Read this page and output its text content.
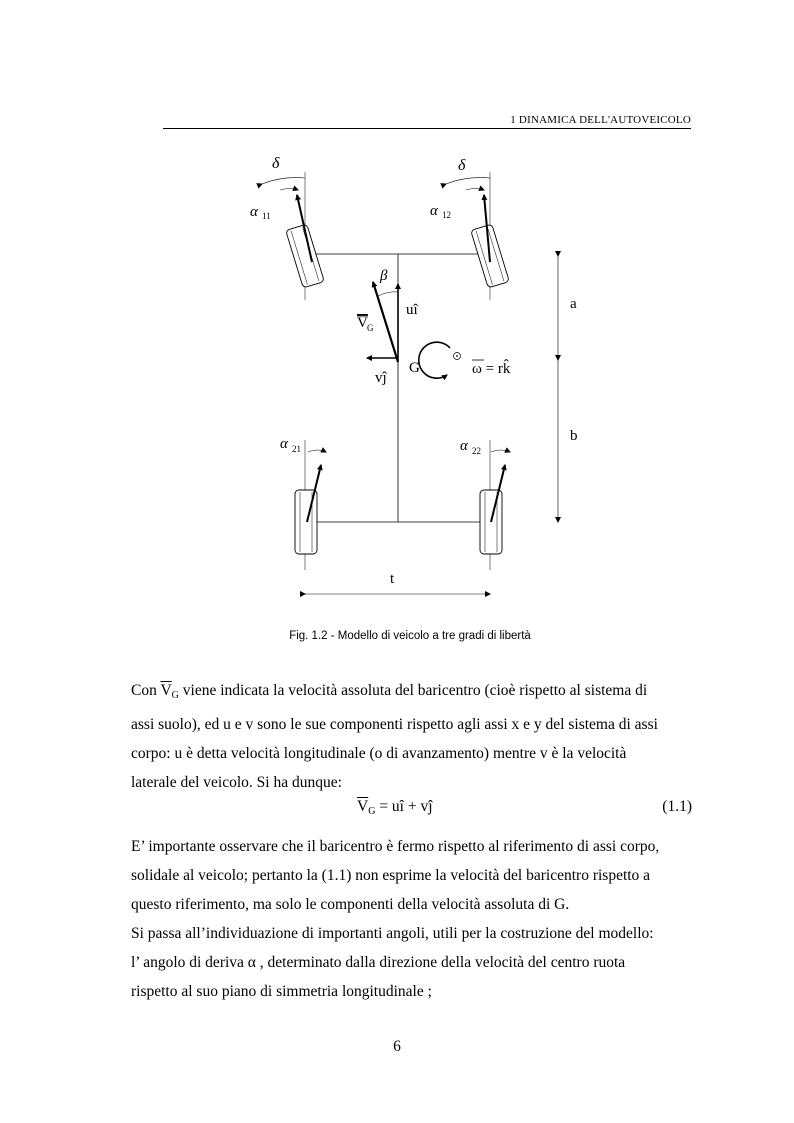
1 DINAMICA DELL'AUTOVEICOLO
δ	δ
α 11	α 12
α 21	α 22
β
uî
V G
vĵ
G	ω = rk̂
a
b
t
Fig. 1.2 - Modello di veicolo a tre gradi di libertà
Con $\overline{V}_G$ viene indicata la velocità assoluta del baricentro (cioè rispetto al sistema di
assi suolo), ed u e v sono le sue componenti rispetto agli assi x e y del sistema di assi
corpo: u è detta velocità longitudinale (o di avanzamento) mentre v è la velocità
laterale del veicolo. Si ha dunque:
$\overline{V}_G$ = uî + vĵ	(1.1)
E’ importante osservare che il baricentro è fermo rispetto al riferimento di assi corpo,
solidale al veicolo; pertanto la (1.1) non esprime la velocità del baricentro rispetto a
questo riferimento, ma solo le componenti della velocità assoluta di G.
Si passa all’individuazione di importanti angoli, utili per la costruzione del modello:
l’ angolo di deriva α , determinato dalla direzione della velocità del centro ruota
rispetto al suo piano di simmetria longitudinale ;
6
